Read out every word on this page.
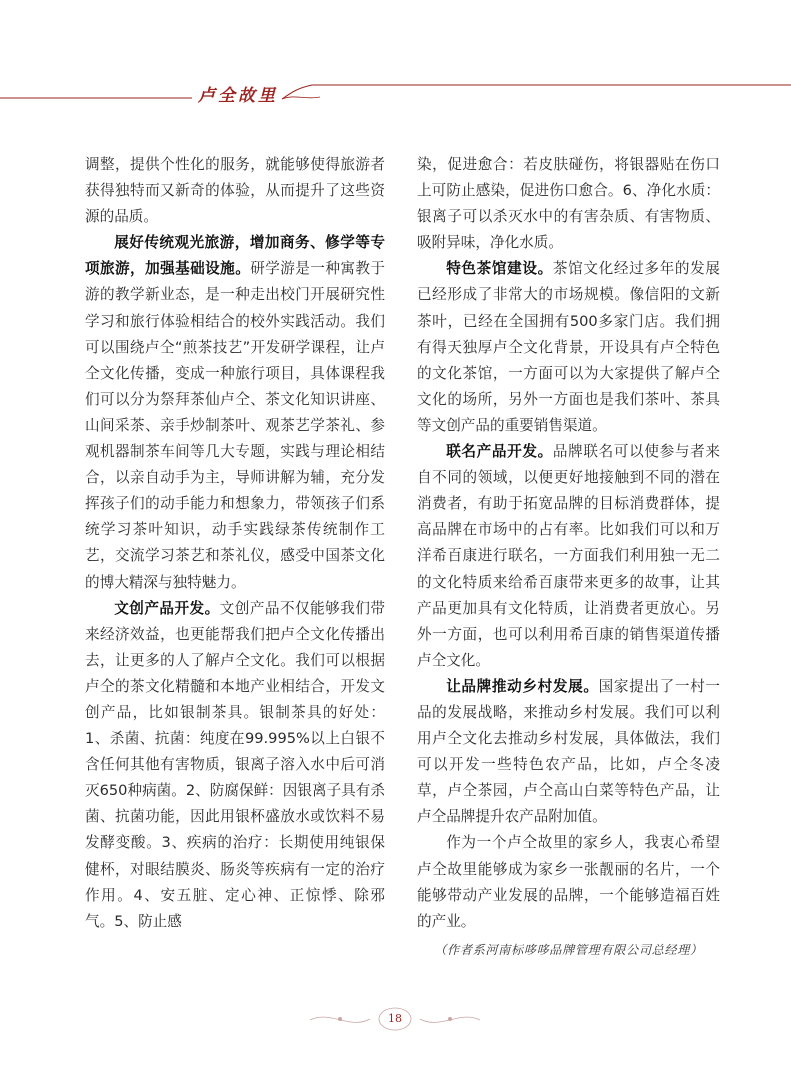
卢全故里

调整，提供个性化的服务，就能够使得旅游者获得独特而又新奇的体验，从而提升了这些资源的品质。

展好传统观光旅游，增加商务、修学等专项旅游，加强基础设施。研学游是一种寓教于游的教学新业态，是一种走出校门开展研究性学习和旅行体验相结合的校外实践活动。我们可以围绕卢仝“煎茶技艺”开发研学课程，让卢仝文化传播，变成一种旅行项目，具体课程我们可以分为祭拜茶仙卢仝、茶文化知识讲座、山间采茶、亲手炒制茶叶、观茶艺学茶礼、参观机器制茶车间等几大专题，实践与理论相结合，以亲自动手为主，导师讲解为辅，充分发挥孩子们的动手能力和想象力，带领孩子们系统学习茶叶知识，动手实践绿茶传统制作工艺，交流学习茶艺和茶礼仪，感受中国茶文化的博大精深与独特魅力。

文创产品开发。文创产品不仅能够我们带来经济效益，也更能帮我们把卢仝文化传播出去，让更多的人了解卢仝文化。我们可以根据卢仝的茶文化精髓和本地产业相结合，开发文创产品，比如银制茶具。银制茶具的好处：1、杀菌、抗菌：纯度在99.995%以上白银不含任何其他有害物质，银离子溶入水中后可消灭650种病菌。2、防腐保鲜：因银离子具有杀菌、抗菌功能，因此用银杯盛放水或饮料不易发酵变酸。3、疾病的治疗：长期使用纯银保健杯，对眼结膜炎、肠炎等疾病有一定的治疗作用。4、安五脏、定心神、正惊悸、除邪气。5、防止感

染，促进愈合：若皮肤碰伤，将银器贴在伤口上可防止感染，促进伤口愈合。6、净化水质：银离子可以杀灭水中的有害杂质、有害物质、吸附异味，净化水质。

特色茶馆建设。茶馆文化经过多年的发展已经形成了非常大的市场规模。像信阳的文新茶叶，已经在全国拥有500多家门店。我们拥有得天独厚卢仝文化背景，开设具有卢仝特色的文化茶馆，一方面可以为大家提供了解卢仝文化的场所，另外一方面也是我们茶叶、茶具等文创产品的重要销售渠道。

联名产品开发。品牌联名可以使参与者来自不同的领域，以便更好地接触到不同的潜在消费者，有助于拓宽品牌的目标消费群体，提高品牌在市场中的占有率。比如我们可以和万洋希百康进行联名，一方面我们利用独一无二的文化特质来给希百康带来更多的故事，让其产品更加具有文化特质，让消费者更放心。另外一方面，也可以利用希百康的销售渠道传播卢仝文化。

让品牌推动乡村发展。国家提出了一村一品的发展战略，来推动乡村发展。我们可以利用卢仝文化去推动乡村发展，具体做法，我们可以开发一些特色农产品，比如，卢仝冬凌草，卢仝茶园，卢仝高山白菜等特色产品，让卢仝品牌提升农产品附加值。

作为一个卢仝故里的家乡人，我衷心希望卢仝故里能够成为家乡一张靓丽的名片，一个能够带动产业发展的品牌，一个能够造福百姓的产业。

（作者系河南标哆哆品牌管理有限公司总经理）

18
